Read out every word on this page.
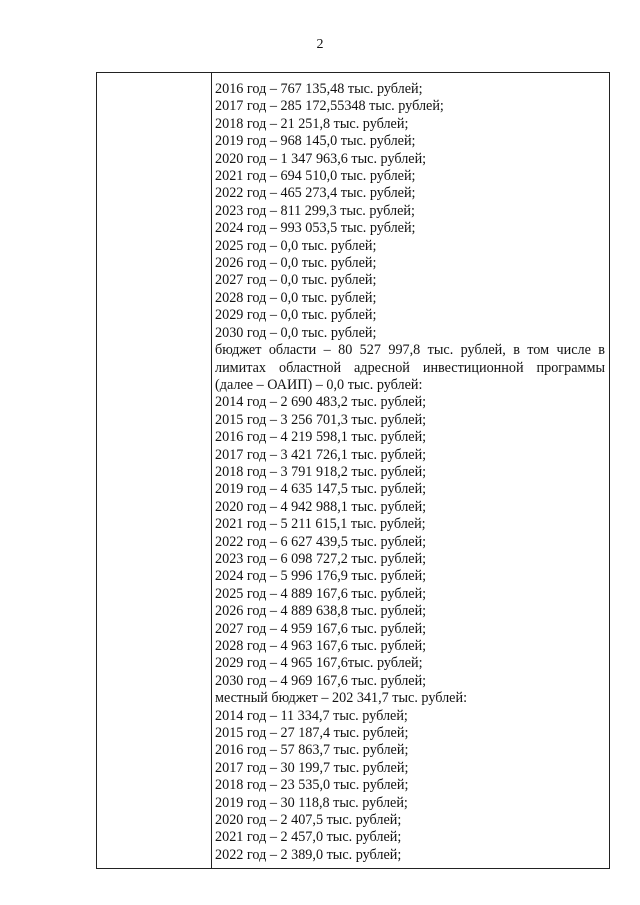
2
2016 год – 767 135,48 тыс. рублей;
2017 год – 285 172,55348 тыс. рублей;
2018 год – 21 251,8 тыс. рублей;
2019 год – 968 145,0 тыс. рублей;
2020 год – 1 347 963,6 тыс. рублей;
2021 год – 694 510,0 тыс. рублей;
2022 год – 465 273,4 тыс. рублей;
2023 год – 811 299,3 тыс. рублей;
2024 год – 993 053,5 тыс. рублей;
2025 год – 0,0 тыс. рублей;
2026 год – 0,0 тыс. рублей;
2027 год – 0,0 тыс. рублей;
2028 год – 0,0 тыс. рублей;
2029 год – 0,0 тыс. рублей;
2030 год – 0,0 тыс. рублей;
бюджет области – 80 527 997,8 тыс. рублей, в том числе в лимитах областной адресной инвестиционной программы (далее – ОАИП) – 0,0 тыс. рублей:
2014 год – 2 690 483,2 тыс. рублей;
2015 год – 3 256 701,3 тыс. рублей;
2016 год – 4 219 598,1 тыс. рублей;
2017 год – 3 421 726,1 тыс. рублей;
2018 год – 3 791 918,2 тыс. рублей;
2019 год – 4 635 147,5 тыс. рублей;
2020 год – 4 942 988,1 тыс. рублей;
2021 год – 5 211 615,1 тыс. рублей;
2022 год – 6 627 439,5 тыс. рублей;
2023 год – 6 098 727,2 тыс. рублей;
2024 год – 5 996 176,9 тыс. рублей;
2025 год – 4 889 167,6 тыс. рублей;
2026 год – 4 889 638,8 тыс. рублей;
2027 год – 4 959 167,6 тыс. рублей;
2028 год – 4 963 167,6 тыс. рублей;
2029 год – 4 965 167,6тыс. рублей;
2030 год – 4 969 167,6 тыс. рублей;
местный бюджет – 202 341,7 тыс. рублей:
2014 год – 11 334,7 тыс. рублей;
2015 год – 27 187,4 тыс. рублей;
2016 год – 57 863,7 тыс. рублей;
2017 год – 30 199,7 тыс. рублей;
2018 год – 23 535,0 тыс. рублей;
2019 год – 30 118,8 тыс. рублей;
2020 год – 2 407,5 тыс. рублей;
2021 год – 2 457,0 тыс. рублей;
2022 год – 2 389,0 тыс. рублей;
